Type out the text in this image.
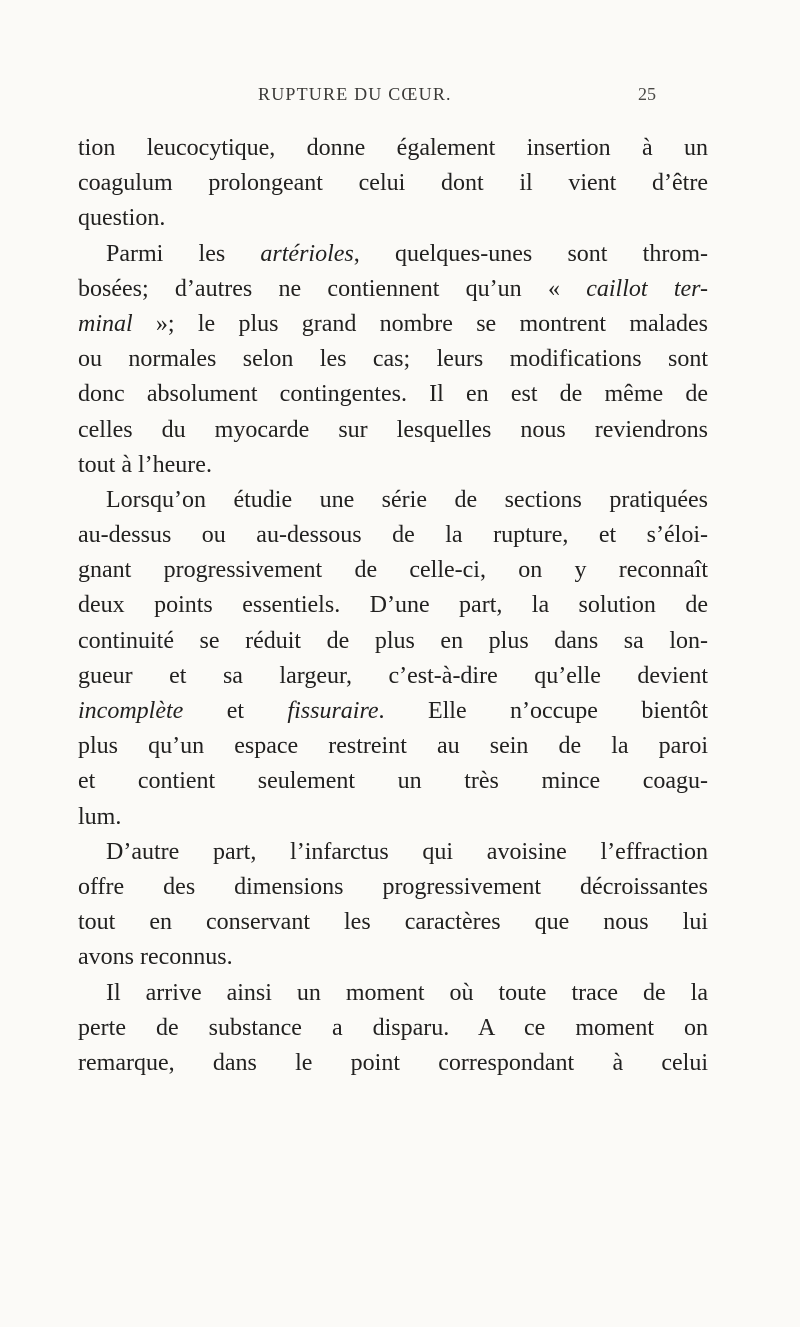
RUPTURE DU CŒUR.	25
tion leucocytique, donne également insertion à un
coagulum prolongeant celui dont il vient d’être
question.
Parmi les artérioles, quelques-unes sont throm-
bosées; d’autres ne contiennent qu’un « caillot ter-
minal »; le plus grand nombre se montrent malades
ou normales selon les cas; leurs modifications sont
donc absolument contingentes. Il en est de même de
celles du myocarde sur lesquelles nous reviendrons
tout à l’heure.
Lorsqu’on étudie une série de sections pratiquées
au-dessus ou au-dessous de la rupture, et s’éloi-
gnant progressivement de celle-ci, on y reconnaît
deux points essentiels. D’une part, la solution de
continuité se réduit de plus en plus dans sa lon-
gueur et sa largeur, c’est-à-dire qu’elle devient
incomplète et fissuraire. Elle n’occupe bientôt
plus qu’un espace restreint au sein de la paroi
et contient seulement un très mince coagu-
lum.
D’autre part, l’infarctus qui avoisine l’effraction
offre des dimensions progressivement décroissantes
tout en conservant les caractères que nous lui
avons reconnus.
Il arrive ainsi un moment où toute trace de la
perte de substance a disparu. A ce moment on
remarque, dans le point correspondant à celui
